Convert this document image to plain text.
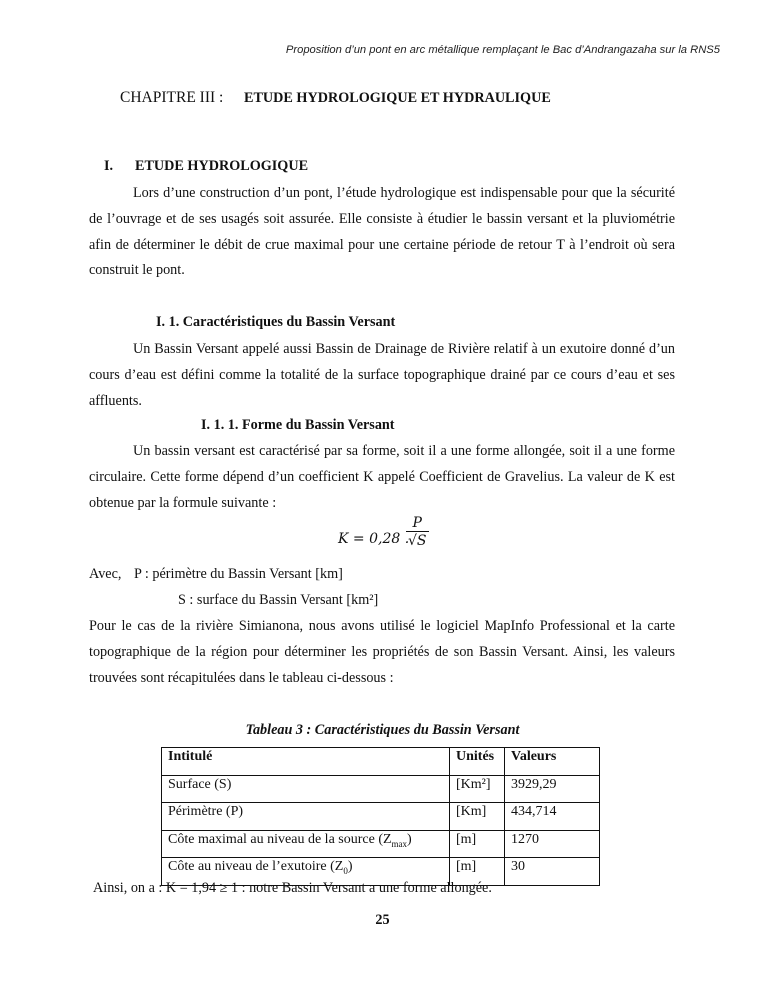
Proposition d’un pont en arc métallique remplaçant le Bac d’Andrangazaha sur la RNS5
CHAPITRE III : ETUDE HYDROLOGIQUE ET HYDRAULIQUE
I. ETUDE HYDROLOGIQUE
Lors d’une construction d’un pont, l’étude hydrologique est indispensable pour que la sécurité de l’ouvrage et de ses usagés soit assurée. Elle consiste à étudier le bassin versant et la pluviométrie afin de déterminer le débit de crue maximal pour une certaine période de retour T à l’endroit où sera construit le pont.
I. 1. Caractéristiques du Bassin Versant
Un Bassin Versant appelé aussi Bassin de Drainage de Rivière relatif à un exutoire donné d’un cours d’eau est défini comme la totalité de la surface topographique drainé par ce cours d’eau et ses affluents.
I. 1. 1. Forme du Bassin Versant
Un bassin versant est caractérisé par sa forme, soit il a une forme allongée, soit il a une forme circulaire. Cette forme dépend d’un coefficient K appelé Coefficient de Gravelius. La valeur de K est obtenue par la formule suivante :
K = 0,28 .
$\frac{P}{√S}$
Avec, P : périmètre du Bassin Versant [km]
S : surface du Bassin Versant [km²]
Pour le cas de la rivière Simianona, nous avons utilisé le logiciel MapInfo Professional et la carte topographique de la région pour déterminer les propriétés de son Bassin Versant. Ainsi, les valeurs trouvées sont récapitulées dans le tableau ci-dessous :
Tableau 3 : Caractéristiques du Bassin Versant
Intitulé	Unités	Valeurs
Surface (S)	[Km²]	3929,29
Périmètre (P)	[Km]	434,714
Côte maximal au niveau de la source $(Z_{max})$	[m]	1270
Côte au niveau de l’exutoire $(Z_0)$	[m]	30
Ainsi, on a : K = 1,94 ≥ 1 : notre Bassin Versant a une forme allongée.
25
